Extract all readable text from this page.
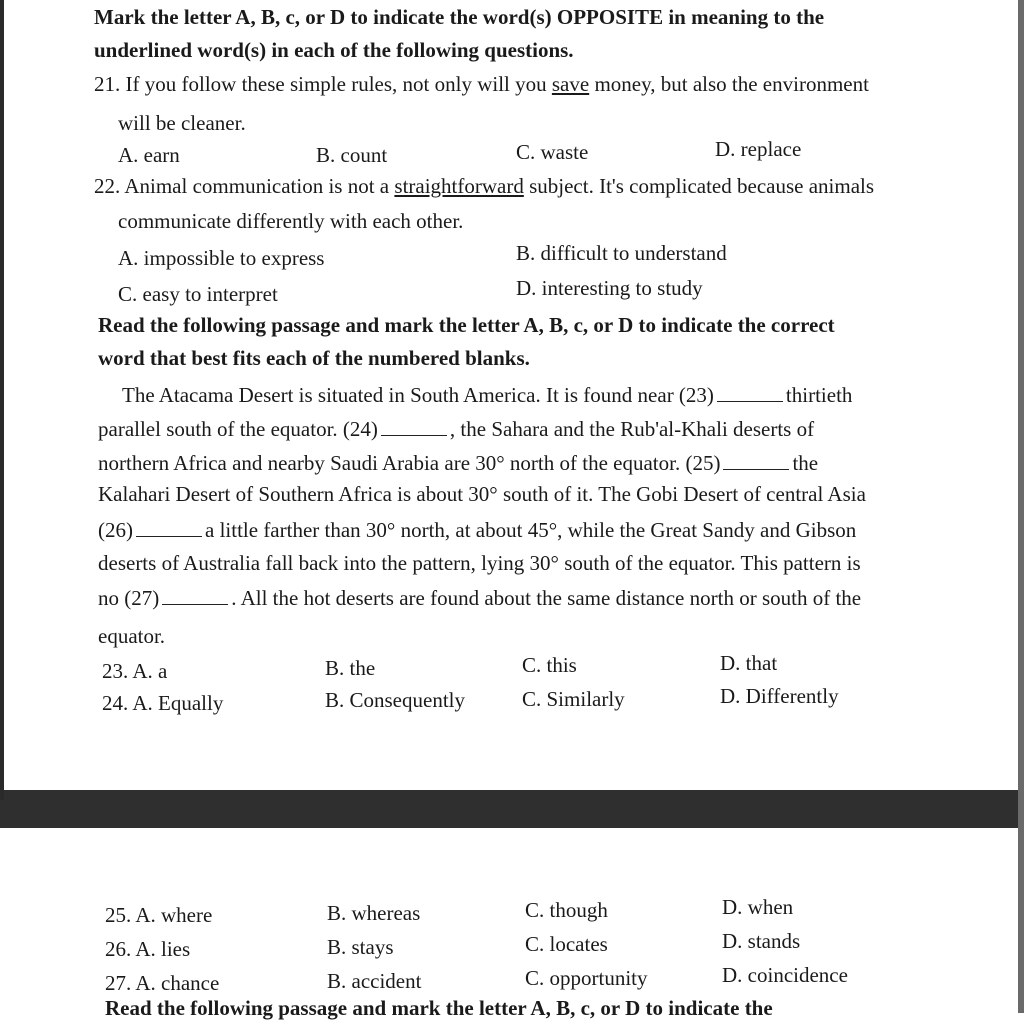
Mark the letter A, B, c, or D to indicate the word(s) OPPOSITE in meaning to the
underlined word(s) in each of the following questions.
21. If you follow these simple rules, not only will you save money, but also the environment
will be cleaner.
A. earn	B. count	C. waste	D. replace
22. Animal communication is not a straightforward subject. It's complicated because animals
communicate differently with each other.
A. impossible to express	B. difficult to understand
C. easy to interpret	D. interesting to study
Read the following passage and mark the letter A, B, c, or D to indicate the correct
word that best fits each of the numbered blanks.
The Atacama Desert is situated in South America. It is found near (23)	thirtieth
parallel south of the equator. (24)	, the Sahara and the Rub'al-Khali deserts of
northern Africa and nearby Saudi Arabia are 30° north of the equator. (25)	the
Kalahari Desert of Southern Africa is about 30° south of it. The Gobi Desert of central Asia
(26)	a little farther than 30° north, at about 45°, while the Great Sandy and Gibson
deserts of Australia fall back into the pattern, lying 30° south of the equator. This pattern is
no (27)	. All the hot deserts are found about the same distance north or south of the
equator.
23. A. a	B. the	C. this	D. that
24. A. Equally	B. Consequently	C. Similarly	D. Differently
25. A. where	B. whereas	C. though	D. when
26. A. lies	B. stays	C. locates	D. stands
27. A. chance	B. accident	C. opportunity	D. coincidence
Read the following passage and mark the letter A, B, c, or D to indicate the
